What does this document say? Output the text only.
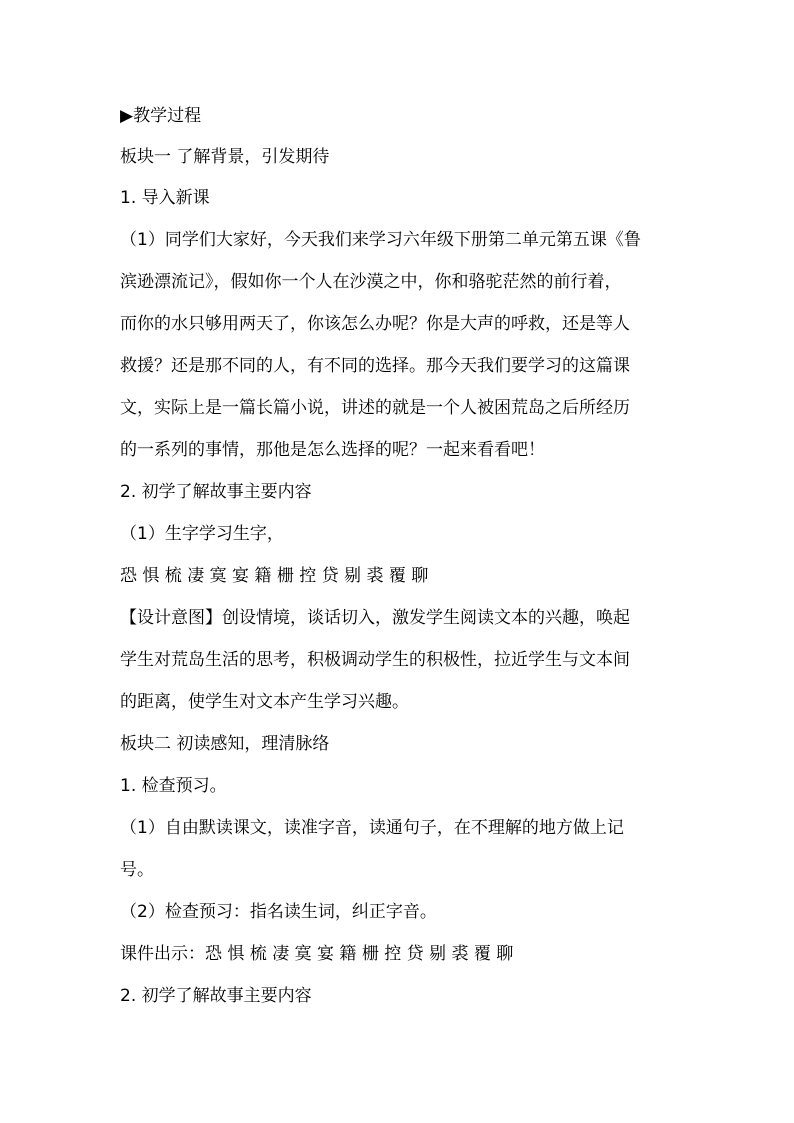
▶教学过程
板块一 了解背景，引发期待
1. 导入新课
（1）同学们大家好，今天我们来学习六年级下册第二单元第五课《鲁
滨逊漂流记》，假如你一个人在沙漠之中，你和骆驼茫然的前行着，
而你的水只够用两天了，你该怎么办呢？你是大声的呼救，还是等人
救援？还是那不同的人，有不同的选择。那今天我们要学习的这篇课
文，实际上是一篇长篇小说，讲述的就是一个人被困荒岛之后所经历
的一系列的事情，那他是怎么选择的呢？一起来看看吧！
2. 初学了解故事主要内容
（1）生字学习生字，
恐 惧 梳 凄 寞 宴 籍 栅 控 贷 剔 裘 覆 聊
【设计意图】创设情境，谈话切入，激发学生阅读文本的兴趣，唤起
学生对荒岛生活的思考，积极调动学生的积极性，拉近学生与文本间
的距离，使学生对文本产生学习兴趣。
板块二 初读感知，理清脉络
1. 检查预习。
（1）自由默读课文，读准字音，读通句子，在不理解的地方做上记
号。
（2）检查预习：指名读生词，纠正字音。
课件出示：恐 惧 梳 凄 寞 宴 籍 栅 控 贷 剔 裘 覆 聊
2. 初学了解故事主要内容
